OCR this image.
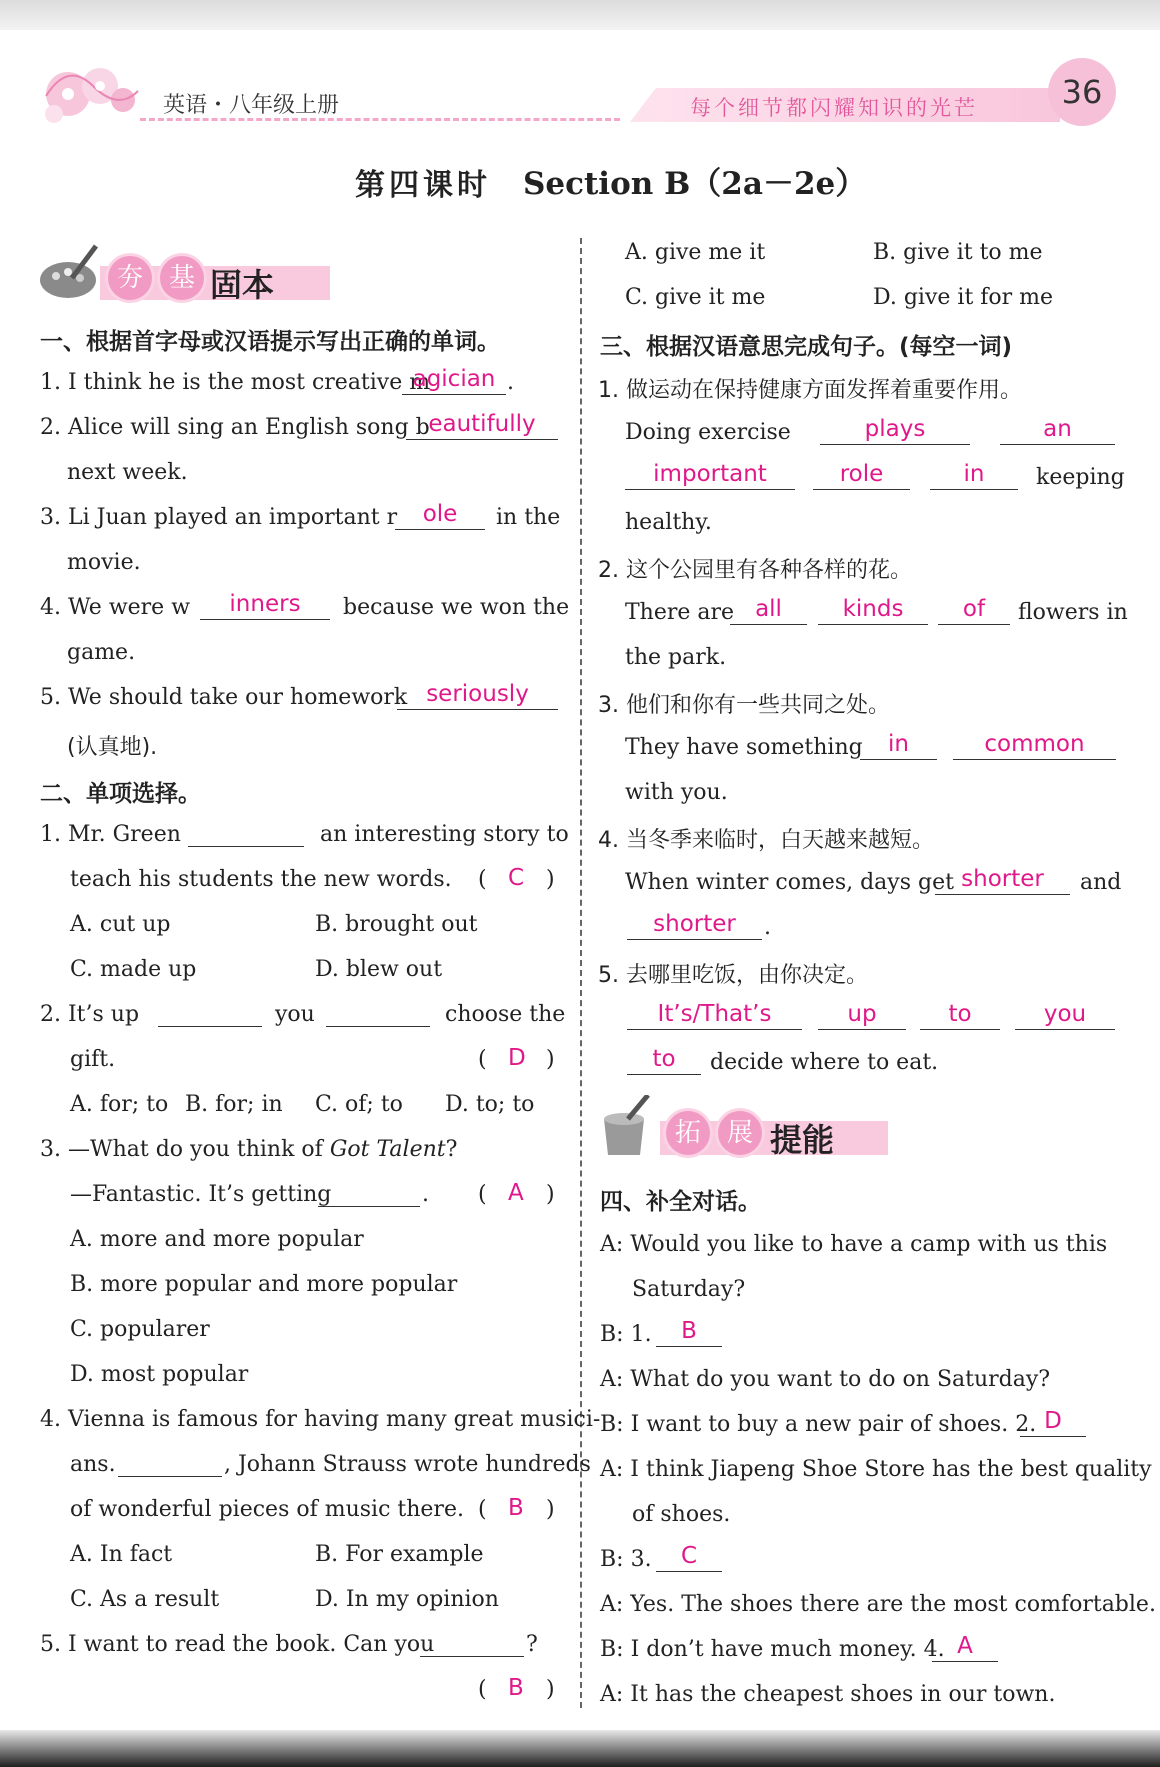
英语・八年级上册	每个细节都闪耀知识的光芒	36
第四课时 Section B（2a－2e）
夯 基 固本
一、根据首字母或汉语提示写出正确的单词。
1. I think he is the most creative m
agician .
2. Alice will sing an English song b
eautifully
next week.
3. Li Juan played an important r	ole	in the
movie.
4. We were w	inners	because we won the
game.
5. We should take our homework seriously
(认真地).
二、单项选择。
1. Mr. Green	an interesting story to
teach his students the new words. ( C )
A. cut up	B. brought out
C. made up	D. blew out
2. It’s up	you	choose the
gift.	( D )
A. for; to B. for; in C. of; to D. to; to
3. —What do you think of Got Talent?
—Fantastic. It’s getting	. ( A )
A. more and more popular
B. more popular and more popular
C. popularer
D. most popular
4. Vienna is famous for having many great musici-
ans.	, Johann Strauss wrote hundreds
of wonderful pieces of music there. ( B )
A. In fact	B. For example
C. As a result	D. In my opinion
5. I want to read the book. Can you	?
( B )
A. give me it	B. give it to me
C. give it me	D. give it for me
三、根据汉语意思完成句子。(每空一词)
1. 做运动在保持健康方面发挥着重要作用。
Doing exercise	plays	an
important	role	in	keeping
healthy.
2. 这个公园里有各种各样的花。
There are all	kinds	of	flowers in
the park.
3. 他们和你有一些共同之处。
They have something	in	common
with you.
4. 当冬季来临时，白天越来越短。
When winter comes, days get shorter	and
shorter	.
5. 去哪里吃饭，由你决定。
It’s/That’s	up	to	you
to	decide where to eat.
拓 展 提能
四、补全对话。
A: Would you like to have a camp with us this
Saturday?
B: 1.	B
A: What do you want to do on Saturday?
B: I want to buy a new pair of shoes. 2. D
A: I think Jiapeng Shoe Store has the best quality
of shoes.
B: 3.	C
A: Yes. The shoes there are the most comfortable.
B: I don’t have much money. 4. A
A: It has the cheapest shoes in our town.
